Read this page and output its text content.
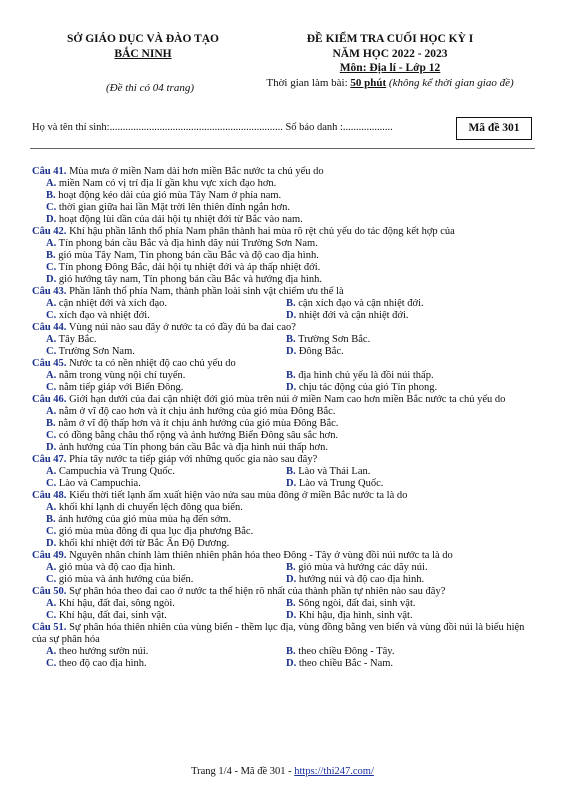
SỞ GIÁO DỤC VÀ ĐÀO TẠO
BẮC NINH
(Đề thi có 04 trang)
ĐỀ KIỂM TRA CUỐI HỌC KỲ I
NĂM HỌC 2022 - 2023
Môn: Địa lí - Lớp 12
Thời gian làm bài: 50 phút (không kể thời gian giao đề)
Họ và tên thí sinh:.................................................................. Số báo danh :...................	Mã đề 301
Câu 41. Mùa mưa ở miền Nam dài hơn miền Bắc nước ta chủ yếu do
A. miền Nam có vị trí địa lí gần khu vực xích đạo hơn.
B. hoạt động kéo dài của gió mùa Tây Nam ở phía nam.
C. thời gian giữa hai lần Mặt trời lên thiên đỉnh ngắn hơn.
D. hoạt động lùi dần của dải hội tụ nhiệt đới từ Bắc vào nam.
Câu 42. Khí hậu phần lãnh thổ phía Nam phân thành hai mùa rõ rệt chủ yếu do tác động kết hợp của
A. Tín phong bán cầu Bắc và địa hình dãy núi Trường Sơn Nam.
B. gió mùa Tây Nam, Tín phong bán cầu Bắc và độ cao địa hình.
C. Tín phong Đông Bắc, dải hội tụ nhiệt đới và áp thấp nhiệt đới.
D. gió hướng tây nam, Tín phong bán cầu Bắc và hướng địa hình.
Câu 43. Phần lãnh thổ phía Nam, thành phần loài sinh vật chiếm ưu thế là
A. cận nhiệt đới và xích đạo.	B. cận xích đạo và cận nhiệt đới.
C. xích đạo và nhiệt đới.	D. nhiệt đới và cận nhiệt đới.
Câu 44. Vùng núi nào sau đây ở nước ta có đầy đủ ba đai cao?
A. Tây Bắc.	B. Trường Sơn Bắc.
C. Trường Sơn Nam.	D. Đông Bắc.
Câu 45. Nước ta có nền nhiệt độ cao chủ yếu do
A. nằm trong vùng nội chí tuyến.	B. địa hình chủ yếu là đồi núi thấp.
C. nằm tiếp giáp với Biển Đông.	D. chịu tác động của gió Tín phong.
Câu 46. Giới hạn dưới của đai cận nhiệt đới gió mùa trên núi ở miền Nam cao hơn miền Bắc nước ta chủ yếu do
A. nằm ở vĩ độ cao hơn và ít chịu ảnh hưởng của gió mùa Đông Bắc.
B. nằm ở vĩ độ thấp hơn và ít chịu ảnh hưởng của gió mùa Đông Bắc.
C. có đồng bằng châu thổ rộng và ảnh hưởng Biển Đông sâu sắc hơn.
D. ảnh hưởng của Tín phong bán cầu Bắc và địa hình núi thấp hơn.
Câu 47. Phía tây nước ta tiếp giáp với những quốc gia nào sau đây?
A. Campuchia và Trung Quốc.	B. Lào và Thái Lan.
C. Lào và Campuchia.	D. Lào và Trung Quốc.
Câu 48. Kiểu thời tiết lạnh ẩm xuất hiện vào nửa sau mùa đông ở miền Bắc nước ta là do
A. khối khí lạnh di chuyển lệch đông qua biển.
B. ảnh hưởng của gió mùa mùa hạ đến sớm.
C. gió mùa mùa đông đi qua lục địa phương Bắc.
D. khối khí nhiệt đới từ Bắc Ấn Độ Dương.
Câu 49. Nguyên nhân chính làm thiên nhiên phân hóa theo Đông - Tây ở vùng đồi núi nước ta là do
A. gió mùa và độ cao địa hình.	B. gió mùa và hướng các dãy núi.
C. gió mùa và ảnh hưởng của biển.	D. hướng núi và độ cao địa hình.
Câu 50. Sự phân hóa theo đai cao ở nước ta thể hiện rõ nhất của thành phần tự nhiên nào sau đây?
A. Khí hậu, đất đai, sông ngòi.	B. Sông ngòi, đất đai, sinh vật.
C. Khí hậu, đất đai, sinh vật.	D. Khí hậu, địa hình, sinh vật.
Câu 51. Sự phân hóa thiên nhiên của vùng biển - thềm lục địa, vùng đồng bằng ven biển và vùng đồi núi là biểu hiện của sự phân hóa
A. theo hướng sườn núi.	B. theo chiều Đông - Tây.
C. theo độ cao địa hình.	D. theo chiều Bắc - Nam.
Trang 1/4 - Mã đề 301 - https://thi247.com/
